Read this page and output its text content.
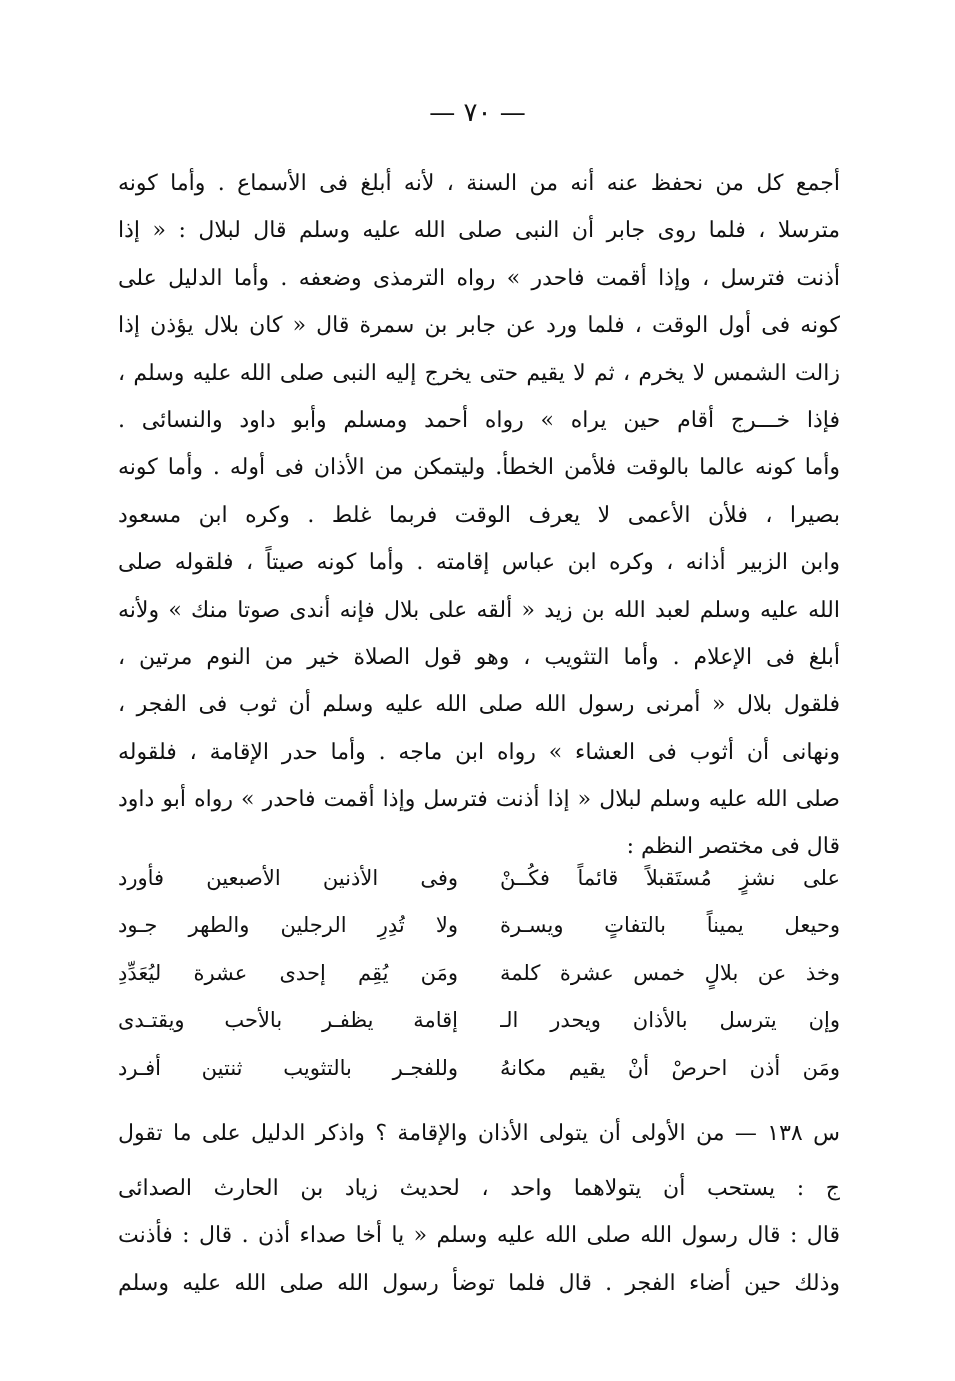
— ٧٠ —
أجمع كل من نحفظ عنه أنه من السنة ، لأنه أبلغ فى الأسماع . وأما كونه
مترسلا ، فلما روى جابر أن النبى صلى الله عليه وسلم قال لبلال : « إذا
أذنت فترسل ، وإذا أقمت فاحدر » رواه الترمذى وضعفه . وأما الدليل على
كونه فى أول الوقت ، فلما ورد عن جابر بن سمرة قال « كان بلال يؤذن إذا
زالت الشمس لا يخرم ، ثم لا يقيم حتى يخرج إليه النبى صلى الله عليه وسلم ،
فإذا خـــرج أقام حين يراه » رواه أحمد ومسلم وأبو داود والنسائى .
وأما كونه عالما بالوقت فلأمن الخطأ. وليتمكن من الأذان فى أوله . وأما كونه
بصيرا ، فلأن الأعمى لا يعرف الوقت فربما غلط . وكره ابن مسعود
وابن الزبير أذانه ، وكره ابن عباس إقامته . وأما كونه صيتاً ، فلقوله صلى
الله عليه وسلم لعبد الله بن زيد « ألقه على بلال فإنه أندى صوتا منك » ولأنه
أبلغ فى الإعلام . وأما التثويب ، وهو قول الصلاة خير من النوم مرتين ،
فلقول بلال « أمرنى رسول الله صلى الله عليه وسلم أن ثوب فى الفجر ،
ونهانى أن أثوب فى العشاء » رواه ابن ماجه . وأما حدر الإقامة ، فلقوله
صلى الله عليه وسلم لبلال « إذا أذنت فترسل وإذا أقمت فاحدر » رواه أبو داود
قال فى مختصر النظم :
على نشزٍ مُستَقبلاً قائماً فكُــنْ
وفى الأذنين الأصبعين فأورد
وحيعل يميناً بالتفاتٍ ويسـرة
ولا تُدِرِ الرجلين والطهر جـود
وخذ عن بلالٍ خمس عشرة كلمة
ومَن يُقِم إحدى عشرة ليُعَدِّدِ
وإن يترسل بالأذان ويحدر الـ
إقامة يظفـر بالأحب ويقتـدى
ومَن أذن احرصْ أنْ يقيم مكانهُ
وللفجـر بالتثويب ثنتين أفـرد
س ١٣٨ — من الأولى أن يتولى الأذان والإقامة ؟ واذكر الدليل على ما تقول
ج : يستحب أن يتولاهما واحد ، لحديث زياد بن الحارث الصدائى
قال : قال رسول الله صلى الله عليه وسلم « يا أخا صداء أذن . قال : فأذنت
وذلك حين أضاء الفجر . قال فلما توضأ رسول الله صلى الله عليه وسلم
